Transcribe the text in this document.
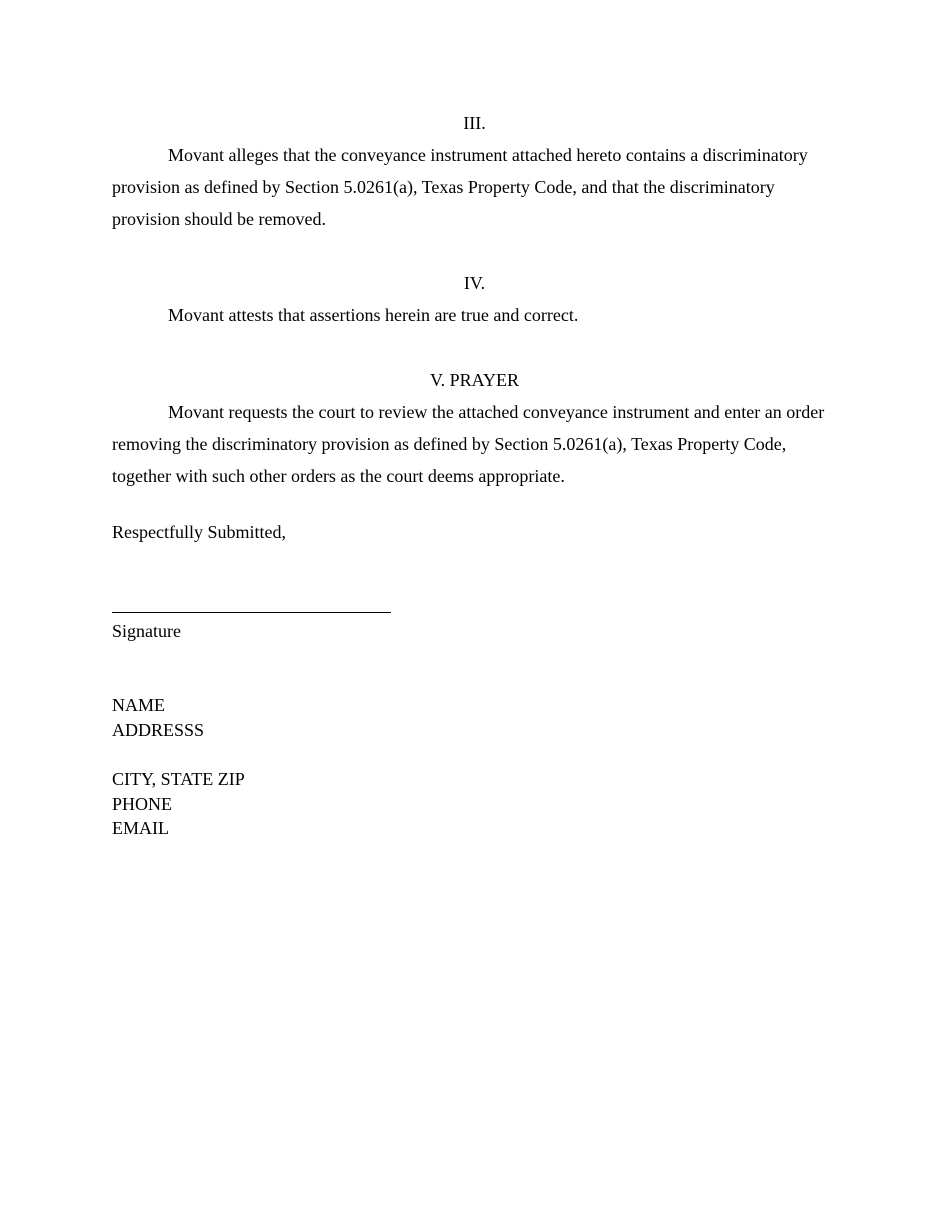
III.

Movant alleges that the conveyance instrument attached hereto contains a discriminatory provision as defined by Section 5.0261(a), Texas Property Code, and that the discriminatory provision should be removed.

IV.

Movant attests that assertions herein are true and correct.

V. PRAYER

Movant requests the court to review the attached conveyance instrument and enter an order removing the discriminatory provision as defined by Section 5.0261(a), Texas Property Code, together with such other orders as the court deems appropriate.

Respectfully Submitted,

Signature

NAME

ADDRESSS

CITY, STATE ZIP

PHONE

EMAIL
